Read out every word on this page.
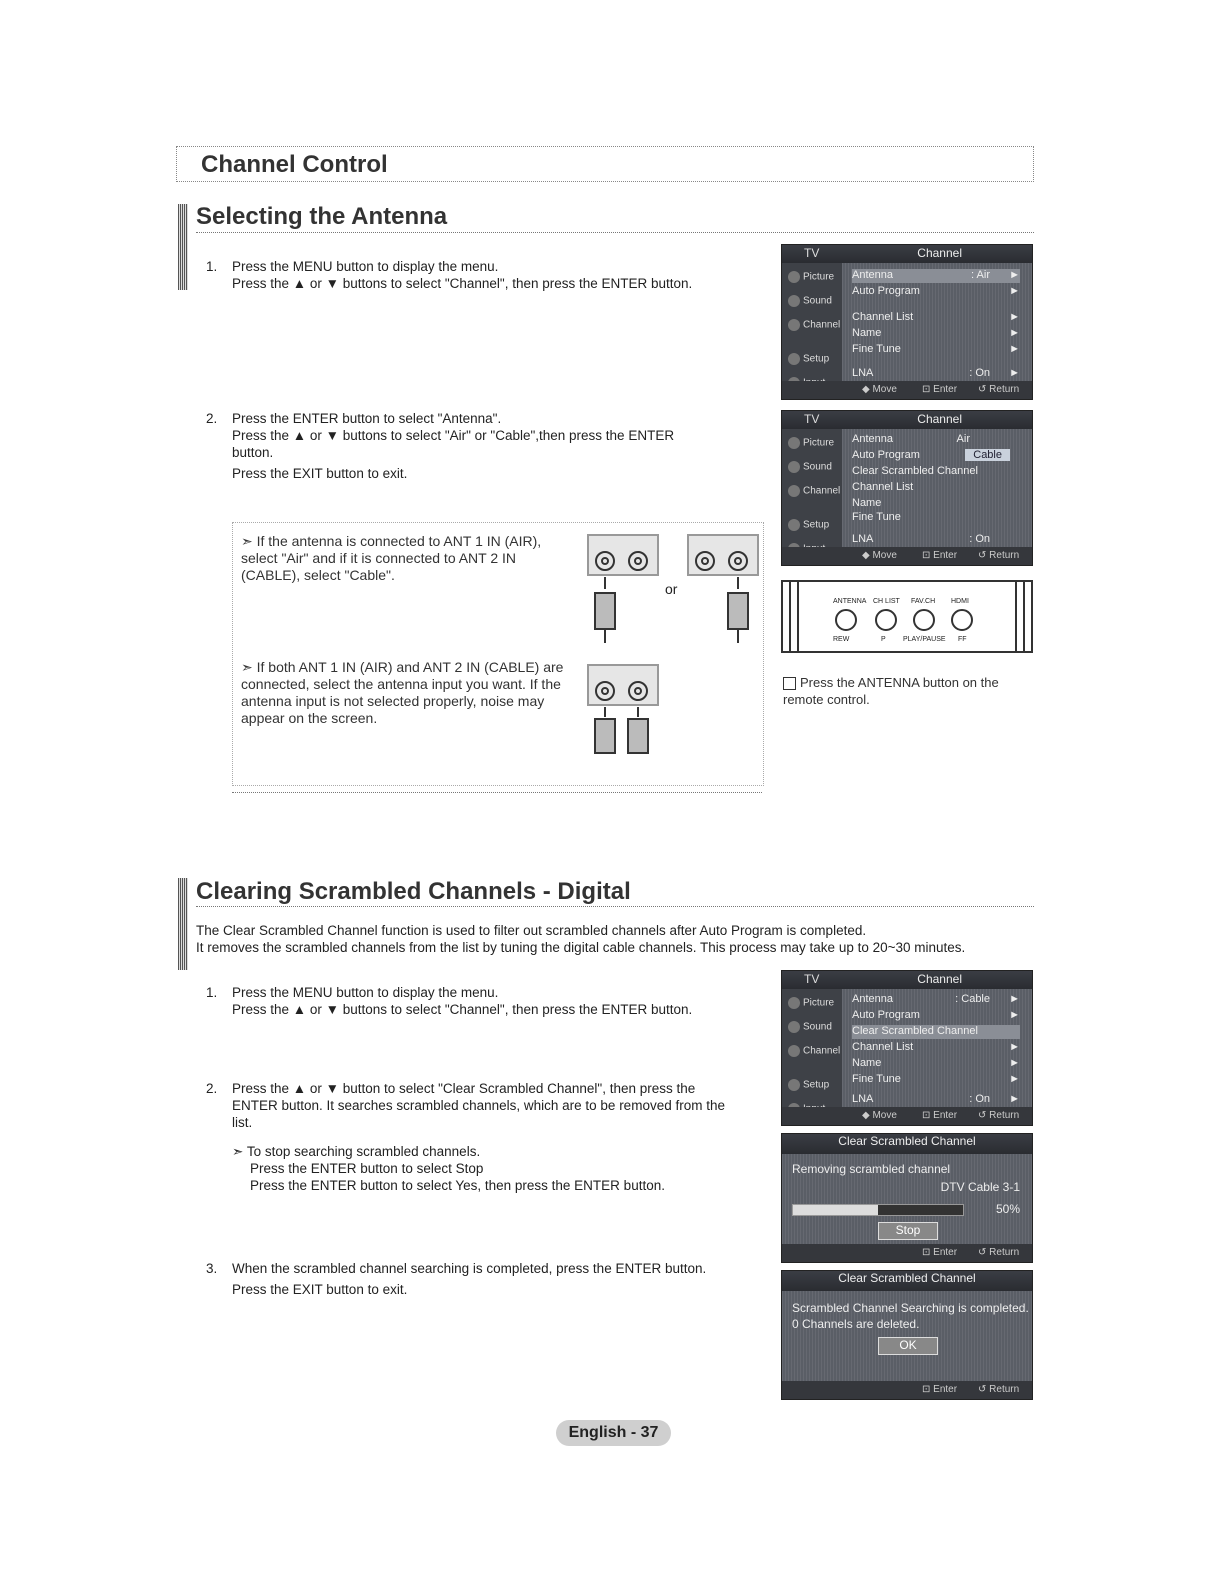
Channel Control
Selecting the Antenna
1. Press the MENU button to display the menu.

Press the ▲ or ▼ buttons to select "Channel", then press the ENTER button.

2. Press the ENTER button to select "Antenna".

Press the ▲ or ▼ buttons to select "Air" or "Cable",then press the ENTER button.

Press the EXIT button to exit.

➣ If the antenna is connected to ANT 1 IN (AIR), select "Air" and if it is connected to ANT 2 IN (CABLE), select "Cable".
➣ If both ANT 1 IN (AIR) and ANT 2 IN (CABLE) are connected, select the antenna input you want. If the antenna input is not selected properly, noise may appear on the screen.
or
TV	Channel
Picture
Sound
Channel
Setup
Antenna	: Air ►
Auto Program	►
Channel List	►
Name	►
Fine Tune	►
LNA	: On ►
◆ Move	⊡ Enter ↺ Return
TV	Channel
Picture
Sound
Channel
Setup
Antenna	Air
Auto Program	Cable
Clear Scrambled Channel
Channel List
Name
Fine Tune
LNA	: On
◆ Move	⊡ Enter ↺ Return
ANTENNA CH LIST FAV.CH HDMI
REW	P PLAY/PAUSE FF
Press the ANTENNA button on the remote control.
Clearing Scrambled Channels - Digital

The Clear Scrambled Channel function is used to filter out scrambled channels after Auto Program is completed.

It removes the scrambled channels from the list by tuning the digital cable channels. This process may take up to 20~30 minutes.

1. Press the MENU button to display the menu.

Press the ▲ or ▼ buttons to select "Channel", then press the ENTER button.

2. Press the ▲ or ▼ button to select "Clear Scrambled Channel", then press the ENTER button. It searches scrambled channels, which are to be removed from the list.

➣ To stop searching scrambled channels.

Press the ENTER button to select Stop

Press the ENTER button to select Yes, then press the ENTER button.

3. When the scrambled channel searching is completed, press the ENTER button.

Press the EXIT button to exit.

TV	Channel
Picture
Sound
Channel
Setup
Antenna	: Cable ►
Auto Program	►
Clear Scrambled Channel
Channel List	►
Name	►
Fine Tune	►
LNA	: On ►
◆ Move	⊡ Enter ↺ Return
Clear Scrambled Channel
Removing scrambled channel
DTV Cable 3-1
50%
Stop
⊡ Enter ↺ Return
Clear Scrambled Channel
Scrambled Channel Searching is completed.
0 Channels are deleted.
OK
⊡ Enter ↺ Return
English - 37
